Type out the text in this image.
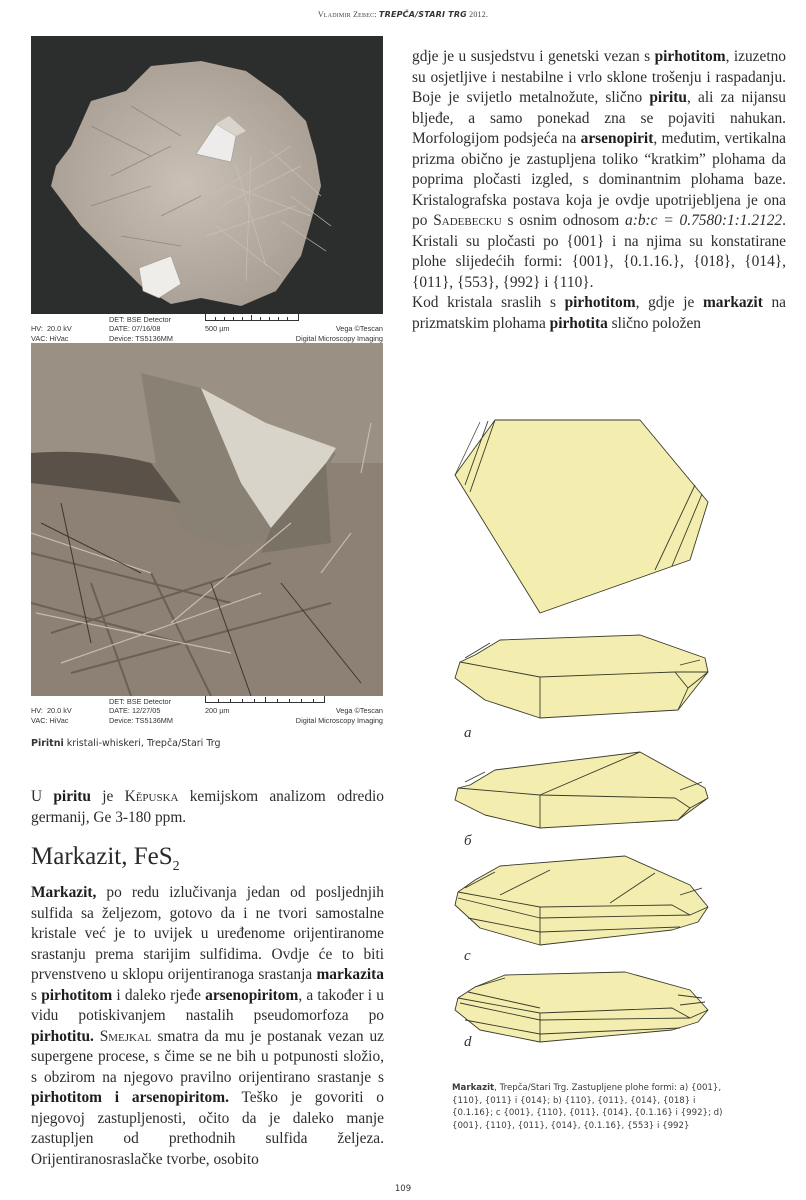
Vladimir Zebec: TREPČA/STARI TRG 2012.
HV: 20.0 kV
VAC: HiVac
DET: BSE Detector
DATE: 07/16/08
Device: TS5136MM
500 µm	Vega ©Tescan
Digital Microscopy Imaging
HV: 20.0 kV
VAC: HiVac
DET: BSE Detector
DATE: 12/27/05
Device: TS5136MM
200 µm	Vega ©Tescan
Digital Microscopy Imaging
Piritni kristali-whiskeri, Trepča/Stari Trg
gdje je u susjedstvu i genetski vezan s pirhotitom, izuzetno su osjetljive i nestabilne i vrlo sklone trošenju i raspadanju. Boje je svijetlo metalnožute, slično piritu, ali za nijansu bljeđe, a samo ponekad zna se pojaviti nahukan. Morfologijom podsjeća na arsenopirit, međutim, vertikalna prizma obično je zastupljena toliko “kratkim” plohama da poprima pločasti izgled, s dominantnim plohama baze. Kristalografska postava koja je ovdje upotrijebljena je ona po Sadebecku s osnim odnosom a:b:c = 0.7580:1:1.2122. Kristali su pločasti po {001} i na njima su konstatirane plohe slijedećih formi: {001}, {0.1.16.}, {018}, {014}, {011}, {553}, {992} i {110}.
Kod kristala sraslih s pirhotitom, gdje je markazit na prizmatskim plohama pirhotita slično položen
U piritu je Kěpuska kemijskom analizom odredio germanij, Ge 3-180 ppm.
Markazit, FeS$_2$
Markazit, po redu izlučivanja jedan od posljednjih sulfida sa željezom, gotovo da i ne tvori samostalne kristale već je to uvijek u uređenome orijentiranome srastanju prema starijim sulfidima. Ovdje će to biti prvenstveno u sklopu orijentiranoga srastanja markazita s pirhotitom i daleko rjeđe arsenopiritom, a također i u vidu potiskivanjem nastalih pseudomorfoza po pirhotitu. Smejkal smatra da mu je postanak vezan uz supergene procese, s čime se ne bih u potpunosti složio, s obzirom na njegovo pravilno orijentirano srastanje s pirhotitom i arsenopiritom. Teško je govoriti o njegovoj zastupljenosti, očito da je daleko manje zastupljen od prethodnih sulfida željeza. Orijentiranosraslačke tvorbe, osobito
a
б
c
d
Markazit, Trepča/Stari Trg. Zastupljene plohe formi: a) {001}, {110}, {011} i {014}; b) {110}, {011}, {014}, {018} i {0.1.16}; c {001}, {110}, {011}, {014}, {0.1.16} i {992}; d) {001}, {110}, {011}, {014}, {0.1.16}, {553} i {992}
109
